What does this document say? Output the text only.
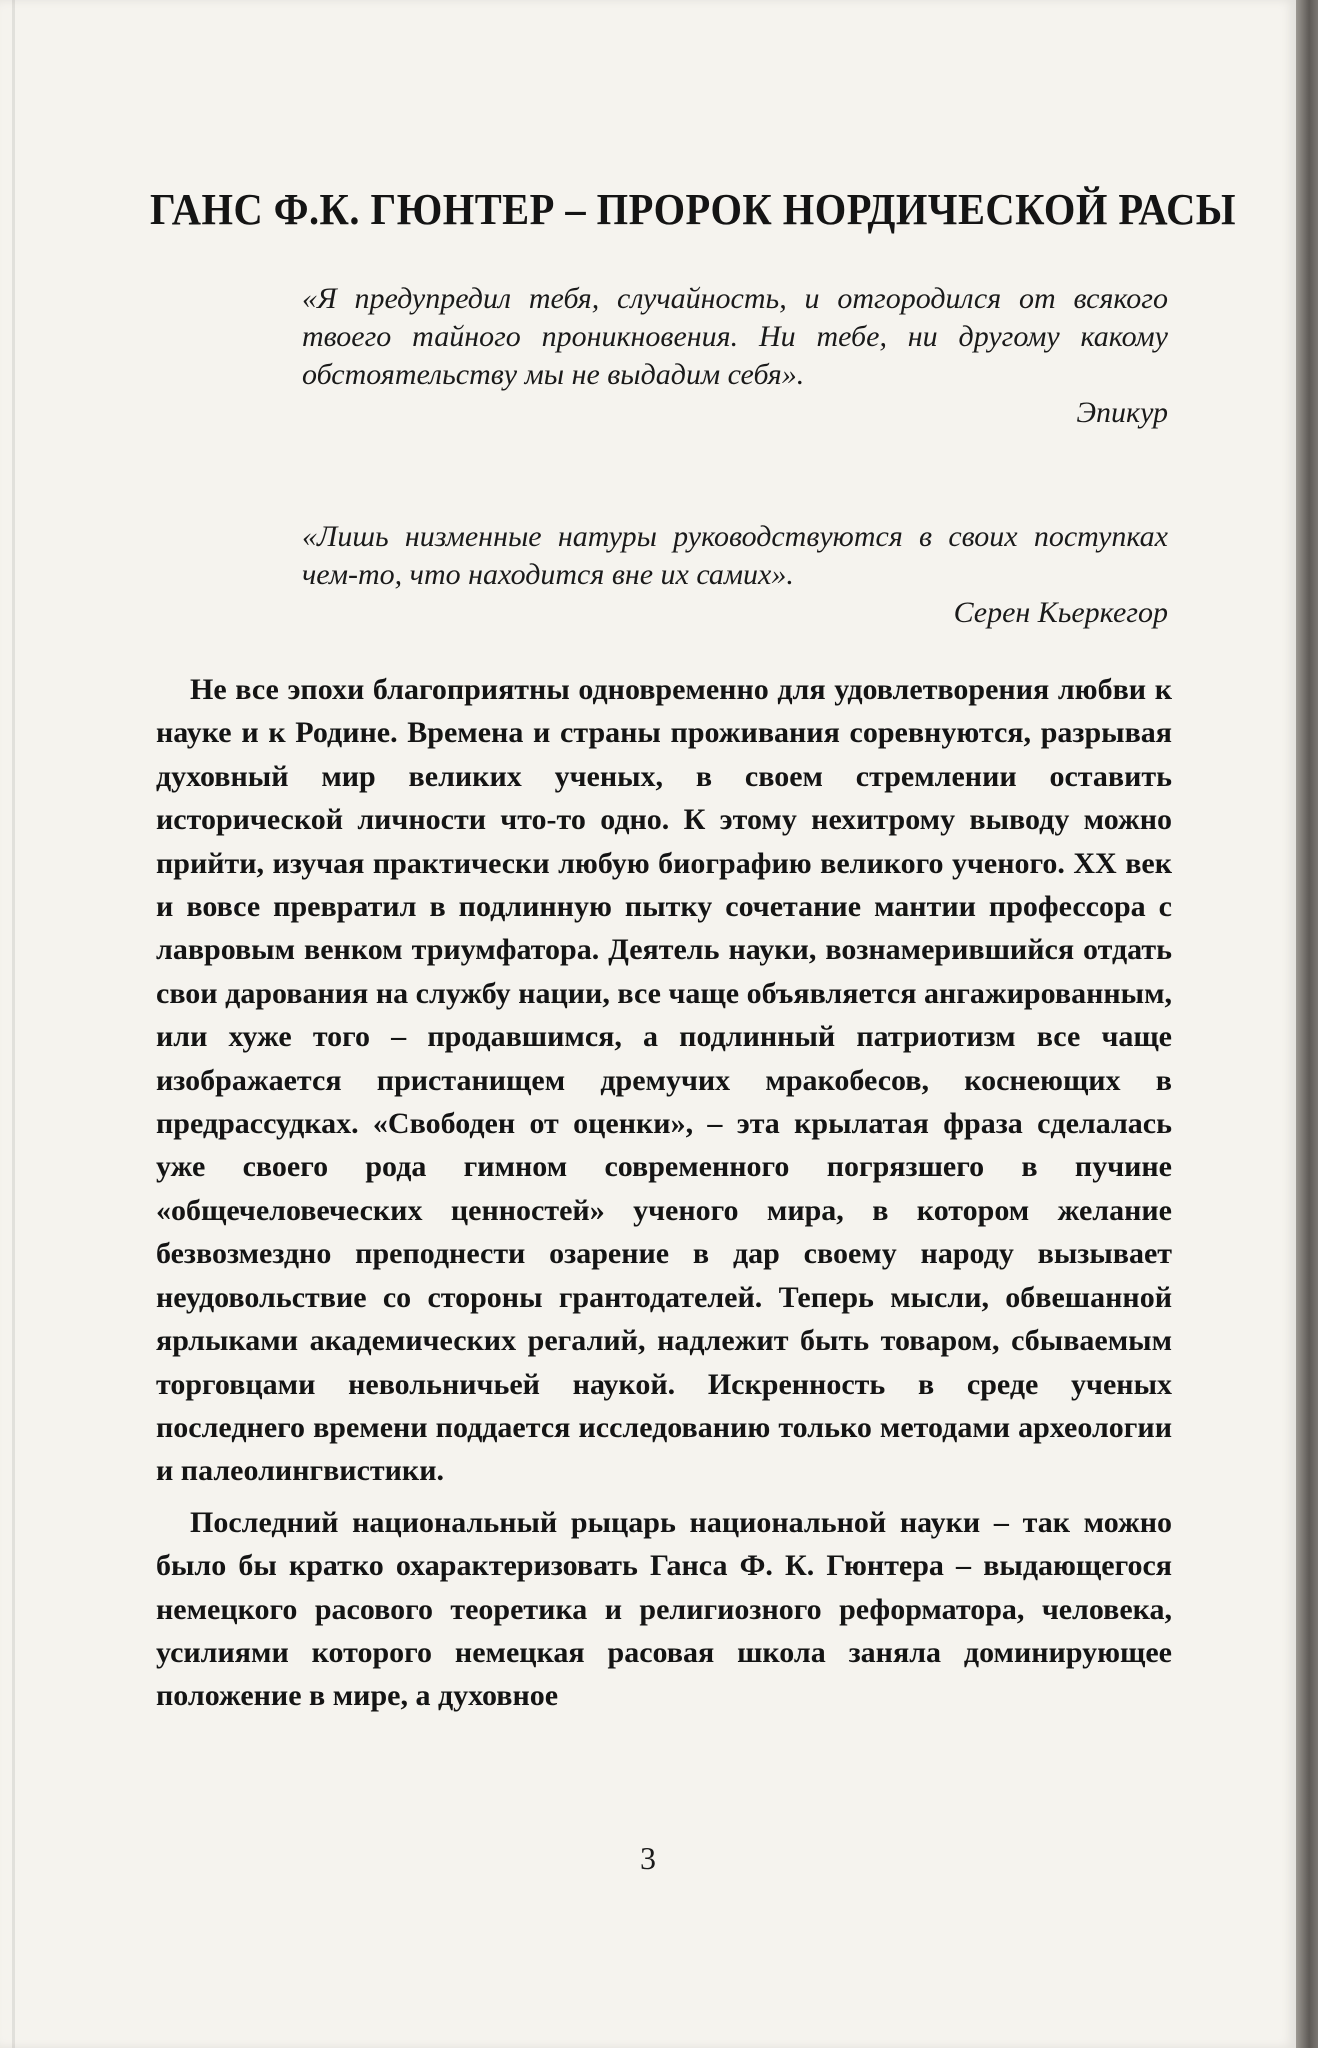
ГАНС Ф.К. ГЮНТЕР – ПРОРОК НОРДИЧЕСКОЙ РАСЫ

«Я предупредил тебя, случайность, и отгородился от всякого твоего тайного проникновения. Ни тебе, ни другому какому обстоятельству мы не выдадим себя».

Эпикур

«Лишь низменные натуры руководствуются в своих поступках чем-то, что находится вне их самих».

Серен Кьеркегор

Не все эпохи благоприятны одновременно для удовлетворения любви к науке и к Родине. Времена и страны проживания соревнуются, разрывая духовный мир великих ученых, в своем стремлении оставить исторической личности что-то одно. К этому нехитрому выводу можно прийти, изучая практически любую биографию великого ученого. XX век и вовсе превратил в подлинную пытку сочетание мантии профессора с лавровым венком триумфатора. Деятель науки, вознамерившийся отдать свои дарования на службу нации, все чаще объявляется ангажированным, или хуже того – продавшимся, а подлинный патриотизм все чаще изображается пристанищем дремучих мракобесов, коснеющих в предрассудках. «Свободен от оценки», – эта крылатая фраза сделалась уже своего рода гимном современного погрязшего в пучине «общечеловеческих ценностей» ученого мира, в котором желание безвозмездно преподнести озарение в дар своему народу вызывает неудовольствие со стороны грантодателей. Теперь мысли, обвешанной ярлыками академических регалий, надлежит быть товаром, сбываемым торговцами невольничьей наукой. Искренность в среде ученых последнего времени поддается исследованию только методами археологии и палеолингвистики.

Последний национальный рыцарь национальной науки – так можно было бы кратко охарактеризовать Ганса Ф. К. Гюнтера – выдающегося немецкого расового теоретика и религиозного реформатора, человека, усилиями которого немецкая расовая школа заняла доминирующее положение в мире, а духовное

3
